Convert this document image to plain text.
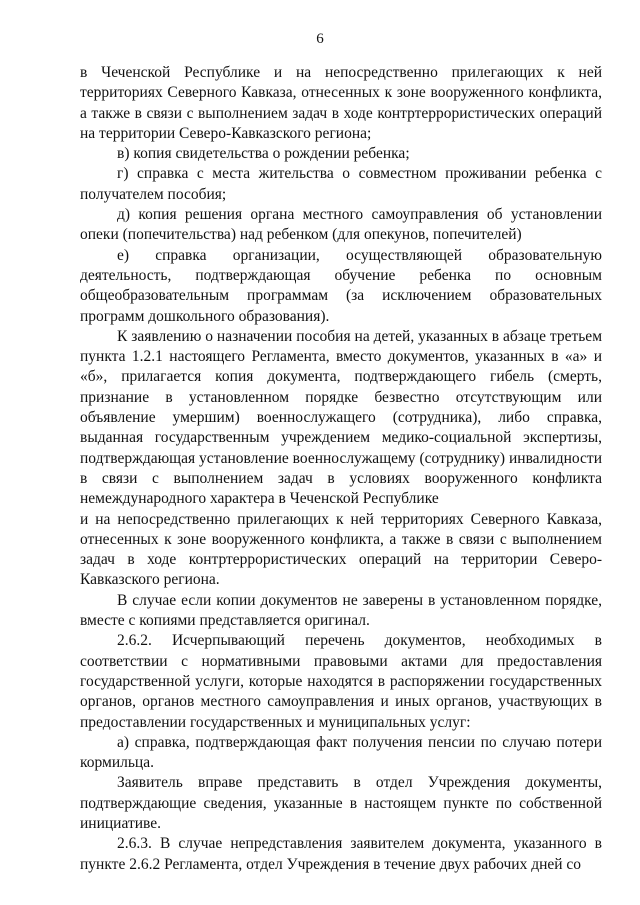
6

в Чеченской Республике и на непосредственно прилегающих к ней территориях Северного Кавказа, отнесенных к зоне вооруженного конфликта, а также в связи с выполнением задач в ходе контртеррористических операций на территории Северо-Кавказского региона;

в) копия свидетельства о рождении ребенка;

г) справка с места жительства о совместном проживании ребенка с получателем пособия;

д) копия решения органа местного самоуправления об установлении опеки (попечительства) над ребенком (для опекунов, попечителей)

е) справка организации, осуществляющей образовательную деятельность, подтверждающая обучение ребенка по основным общеобразовательным программам (за исключением образовательных программ дошкольного образования).

К заявлению о назначении пособия на детей, указанных в абзаце третьем пункта 1.2.1 настоящего Регламента, вместо документов, указанных в «а» и «б», прилагается копия документа, подтверждающего гибель (смерть, признание в установленном порядке безвестно отсутствующим или объявление умершим) военнослужащего (сотрудника), либо справка, выданная государственным учреждением медико-социальной экспертизы, подтверждающая установление военнослужащему (сотруднику) инвалидности в связи с выполнением задач в условиях вооруженного конфликта немеждународного характера в Чеченской Республике

и на непосредственно прилегающих к ней территориях Северного Кавказа, отнесенных к зоне вооруженного конфликта, а также в связи с выполнением задач в ходе контртеррористических операций на территории Северо-Кавказского региона.

В случае если копии документов не заверены в установленном порядке, вместе с копиями представляется оригинал.

2.6.2. Исчерпывающий перечень документов, необходимых в соответствии с нормативными правовыми актами для предоставления государственной услуги, которые находятся в распоряжении государственных органов, органов местного самоуправления и иных органов, участвующих в предоставлении государственных и муниципальных услуг:

а) справка, подтверждающая факт получения пенсии по случаю потери кормильца.

Заявитель вправе представить в отдел Учреждения документы, подтверждающие сведения, указанные в настоящем пункте по собственной инициативе.

2.6.3. В случае непредставления заявителем документа, указанного в пункте 2.6.2 Регламента, отдел Учреждения в течение двух рабочих дней со
